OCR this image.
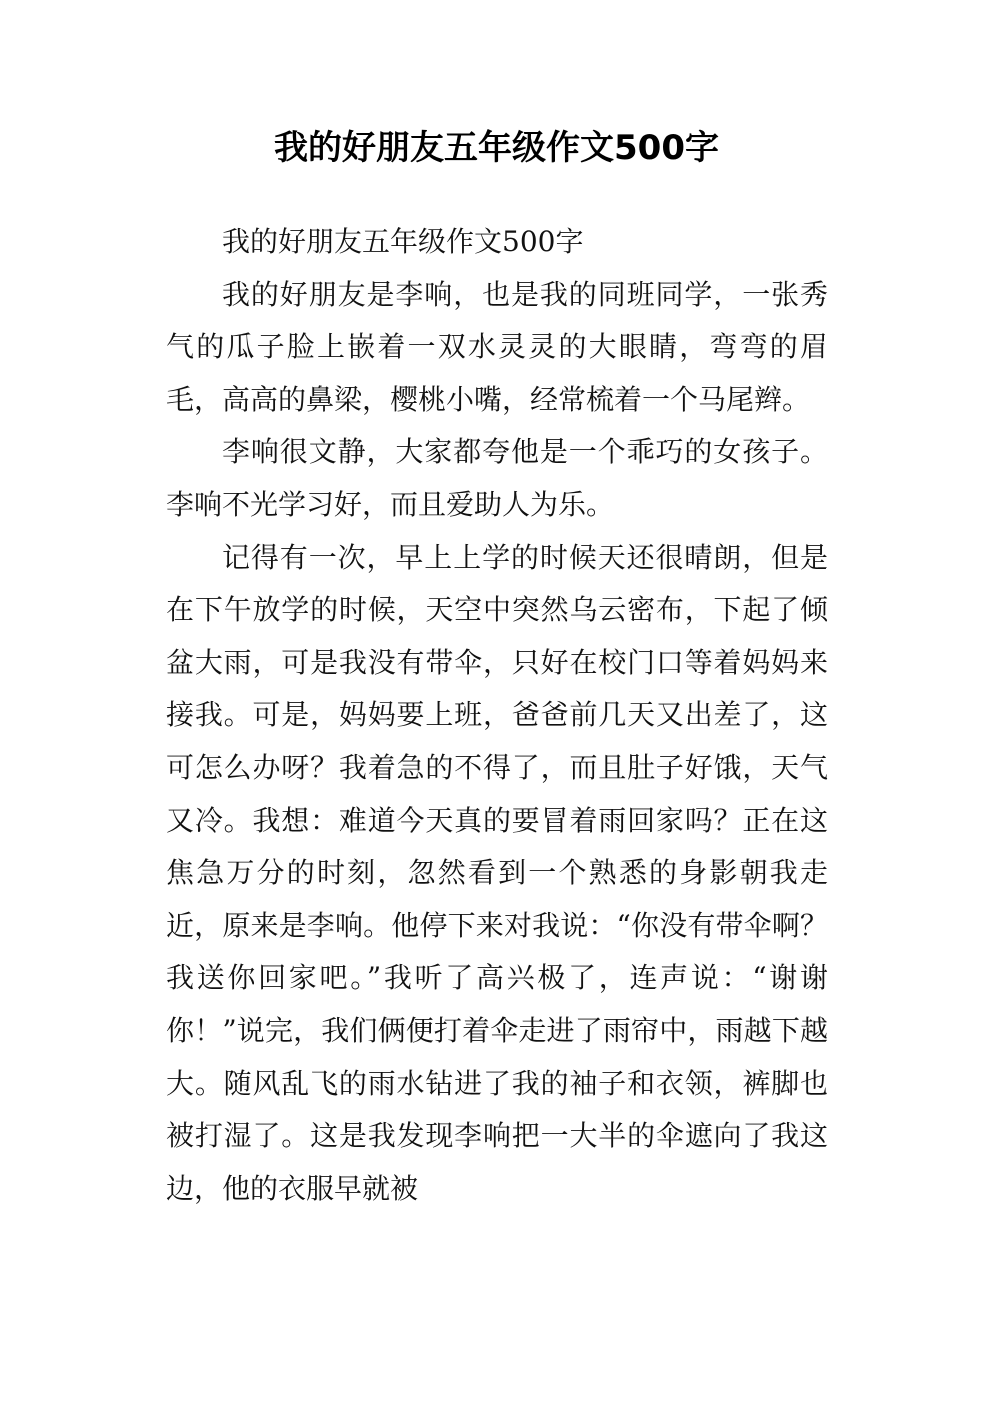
我的好朋友五年级作文500字

我的好朋友五年级作文500字

我的好朋友是李响，也是我的同班同学，一张秀气的瓜子脸上嵌着一双水灵灵的大眼睛，弯弯的眉毛，高高的鼻梁，樱桃小嘴，经常梳着一个马尾辫。

李响很文静，大家都夸他是一个乖巧的女孩子。李响不光学习好，而且爱助人为乐。

记得有一次，早上上学的时候天还很晴朗，但是在下午放学的时候，天空中突然乌云密布，下起了倾盆大雨，可是我没有带伞，只好在校门口等着妈妈来接我。可是，妈妈要上班，爸爸前几天又出差了，这可怎么办呀？我着急的不得了，而且肚子好饿，天气又冷。我想：难道今天真的要冒着雨回家吗？正在这焦急万分的时刻，忽然看到一个熟悉的身影朝我走近，原来是李响。他停下来对我说：“你没有带伞啊？我送你回家吧。”我听了高兴极了，连声说：“谢谢你！”说完，我们俩便打着伞走进了雨帘中，雨越下越大。随风乱飞的雨水钻进了我的袖子和衣领，裤脚也被打湿了。这是我发现李响把一大半的伞遮向了我这边，他的衣服早就被
